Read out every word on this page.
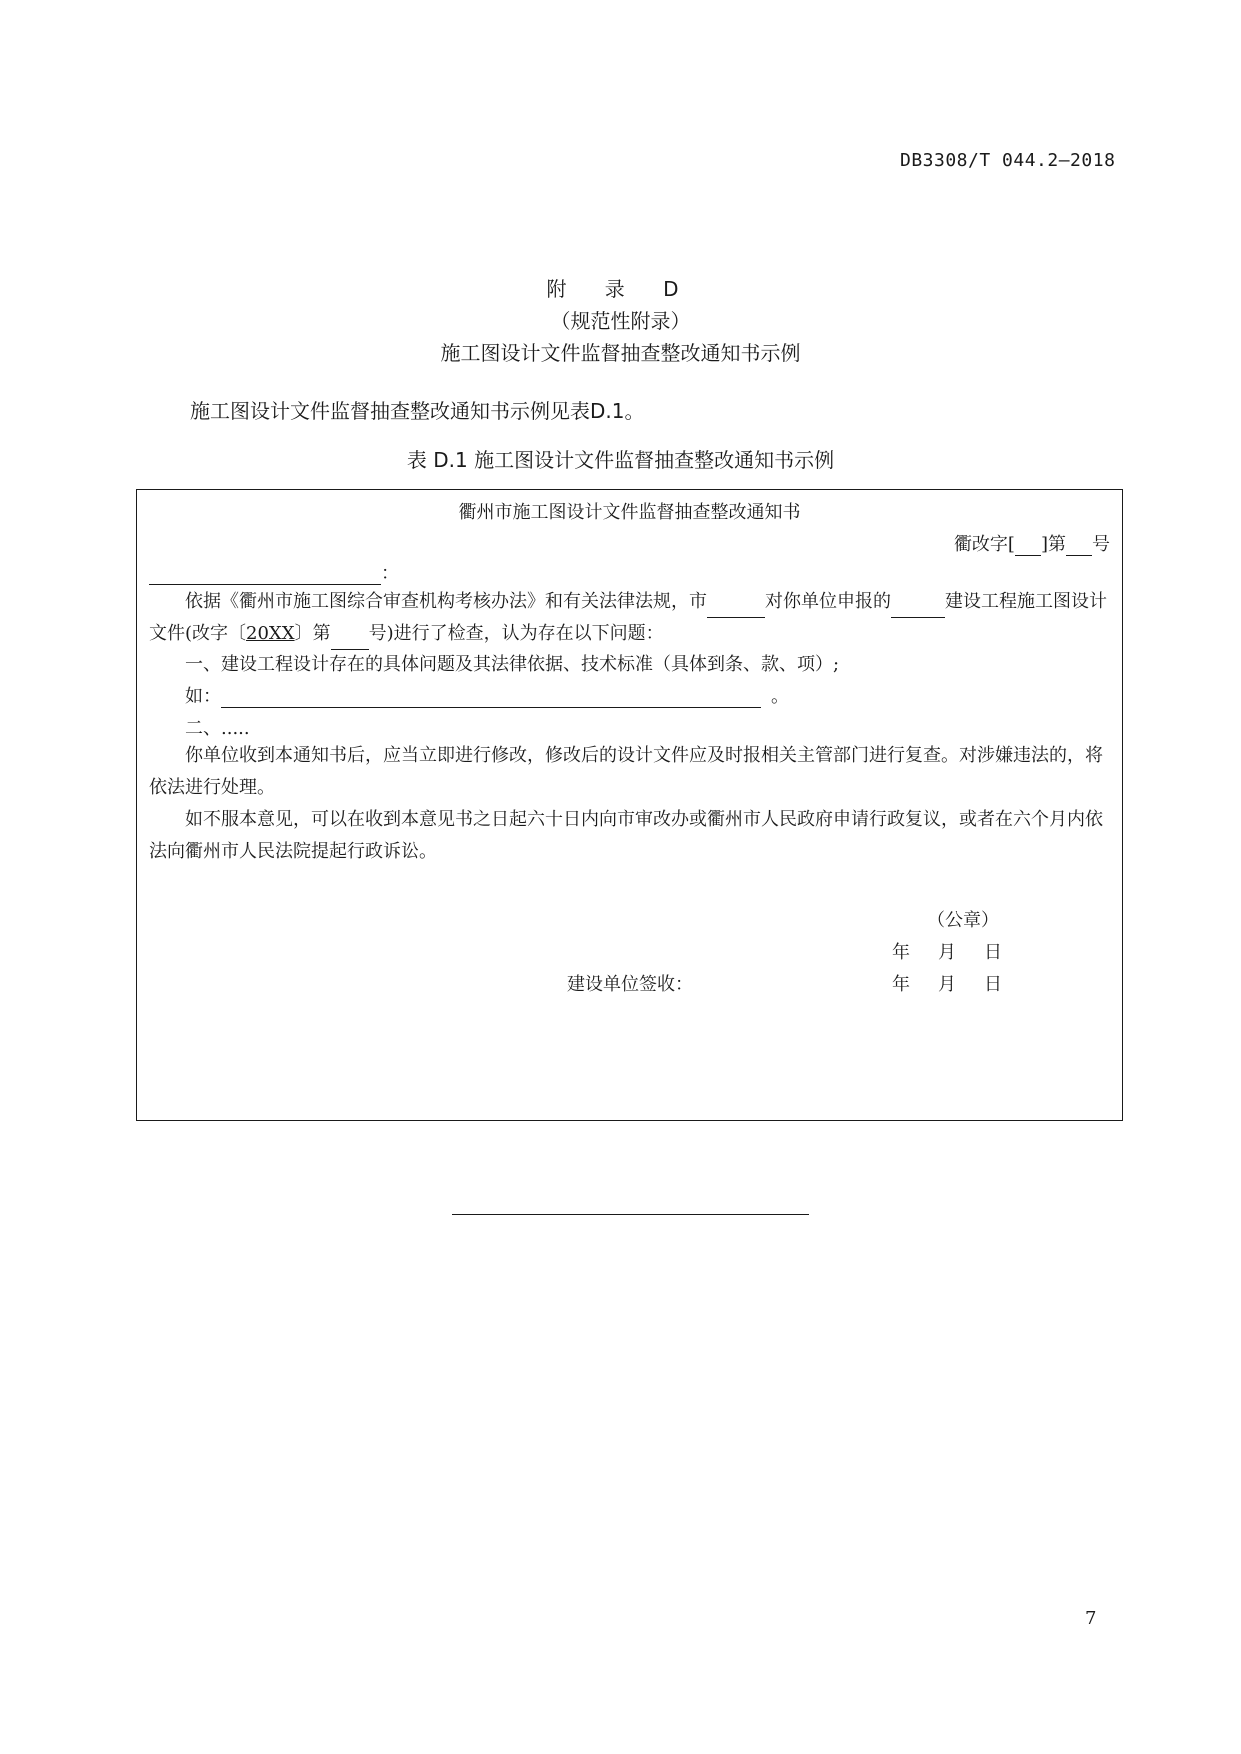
DB3308/T 044.2—2018
附 录 D
（规范性附录）
施工图设计文件监督抽查整改通知书示例
施工图设计文件监督抽查整改通知书示例见表D.1。
表 D.1 施工图设计文件监督抽查整改通知书示例
衢州市施工图设计文件监督抽查整改通知书
衢改字[ ]第 号
：
依据《衢州市施工图综合审查机构考核办法》和有关法律法规，市	对你单位申报的	建设工程施工图设计文件(改字〔20XX〕第 号)进行了检查，认为存在以下问题：
一、建设工程设计存在的具体问题及其法律依据、技术标准（具体到条、款、项）;
如：	。
二、.....
你单位收到本通知书后，应当立即进行修改，修改后的设计文件应及时报相关主管部门进行复查。对涉嫌违法的，将依法进行处理。
如不服本意见，可以在收到本意见书之日起六十日内向市审改办或衢州市人民政府申请行政复议，或者在六个月内依法向衢州市人民法院提起行政诉讼。
（公章）
年 月 日
建设单位签收：	年 月 日
7
